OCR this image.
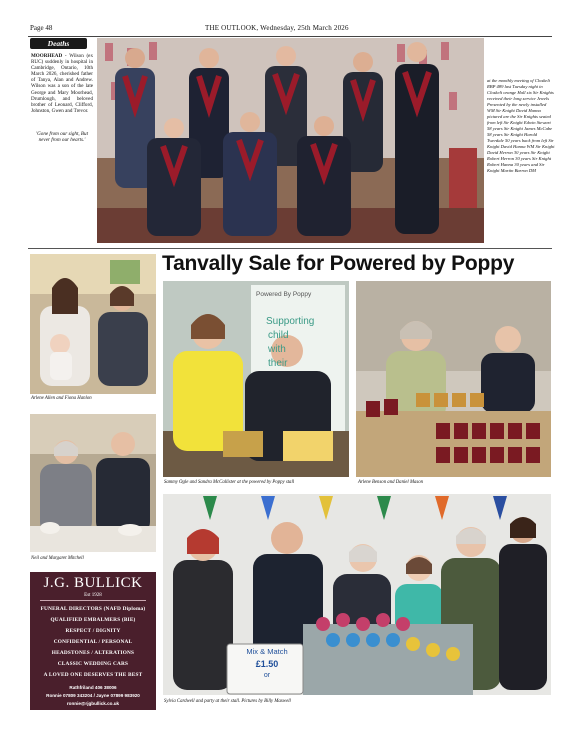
Page 48	THE OUTLOOK, Wednesday, 25th March 2026
Deaths
MOORHEAD - Wilson (ex RUC) suddenly in hospital in Cambridge, Ontario, 10th March 2026, cherished father of Tanya, Alan and Andrew. Wilson was a son of the late George and Mary Moorhead, Drumlough, and beloved brother of Leonard, Clifford, Johnston, Gwen and Trevor.
'Gone from our sight, But never from our hearts.'
at the monthly meeting of Closkelt RBP 489 last Tuesday night in Closkelt orange Hall six Sir Knights received their long service Jewels Presented by the newly installed WM Sir Knight David Hanna pictured are the Sir Knights seated from left Sir Knight Edwin Stewart 58 years Sir Knight James McCabe 58 years Sir Knight Harold Twerdale 50 years back from left Sir Knight David Hanna WM Sir Knight David Herron 30 years Sir Knight Robert Herron 30 years Sir Knight Robert Hanna 30 years and Sir Knight Martin Barron DM
Tanvally Sale for Powered by Poppy
Arlene Allen and Fiona Hanlon
Powered By Poppy
Supporting
child
with
their
Sammy Ogle and Sandra McCallister at the powered by Poppy stall	Arlene Benson and Daniel Mason
Neil and Margaret Mitchell
Mix & Match
£1.50
or
Sylvia Cardwell and party at their stall. Pictures by Billy Maxwell
J.G. BULLICK
Est 1928
FUNERAL DIRECTORS (NAFD Diploma)
QUALIFIED EMBALMERS (BIE)
RESPECT / DIGNITY
CONFIDENTIAL / PERSONAL
HEADSTONES / ALTERATIONS
CLASSIC WEDDING CARS
A LOVED ONE DESERVES THE BEST
Rathfriland 406 38006
Ronnie 07809 343204 / Jayne 07899 983920
ronnie@rjgbullick.co.uk
